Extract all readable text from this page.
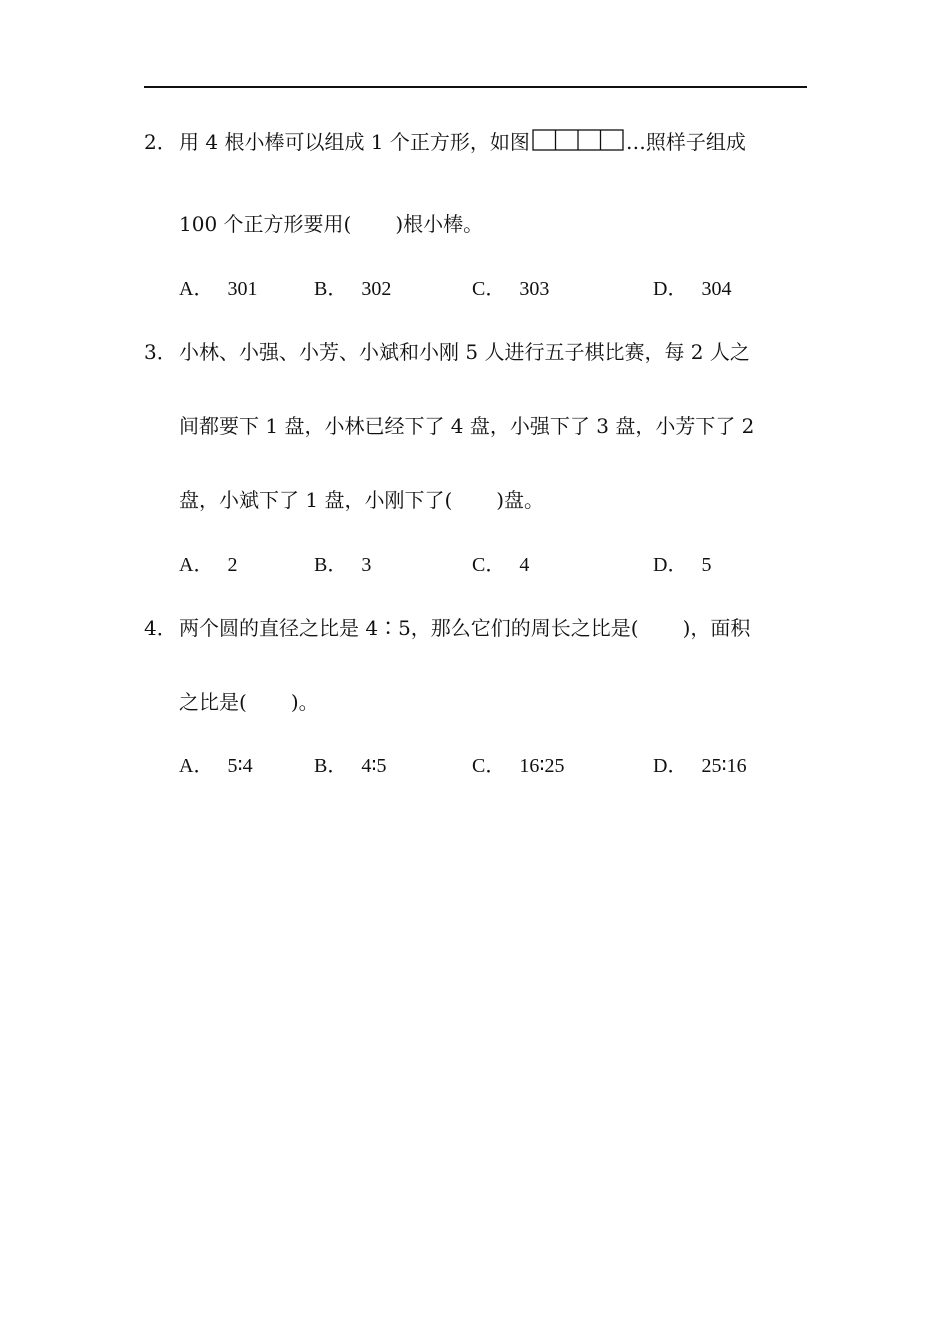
2． 用 4 根小棒可以组成 1 个正方形，如图	…照样子组成
100 个正方形要用( )根小棒。
A． 301	B． 302	C． 303	D． 304
3． 小林、小强、小芳、小斌和小刚 5 人进行五子棋比赛，每 2 人之
间都要下 1 盘，小林已经下了 4 盘，小强下了 3 盘，小芳下了 2
盘，小斌下了 1 盘，小刚下了( )盘。
A． 2	B． 3	C． 4	D． 5
4． 两个圆的直径之比是 4∶5，那么它们的周长之比是( )，面积
之比是( )。
A． 5∶4	B． 4∶5	C． 16∶25	D． 25∶16
